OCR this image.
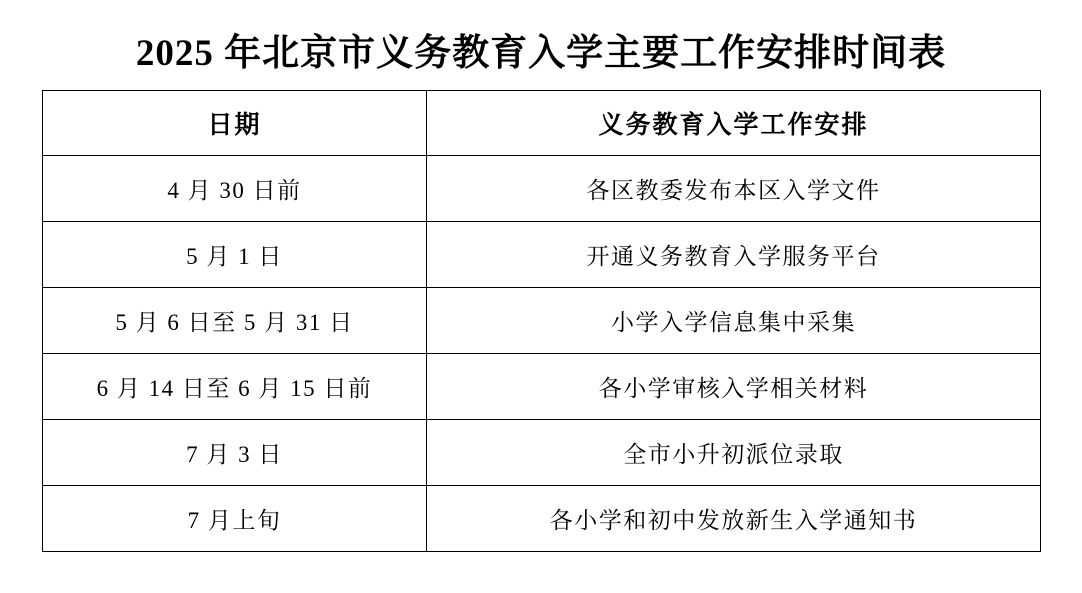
2025 年北京市义务教育入学主要工作安排时间表
日期	义务教育入学工作安排
4 月 30 日前	各区教委发布本区入学文件
5 月 1 日	开通义务教育入学服务平台
5 月 6 日至 5 月 31 日	小学入学信息集中采集
6 月 14 日至 6 月 15 日前	各小学审核入学相关材料
7 月 3 日	全市小升初派位录取
7 月上旬	各小学和初中发放新生入学通知书
